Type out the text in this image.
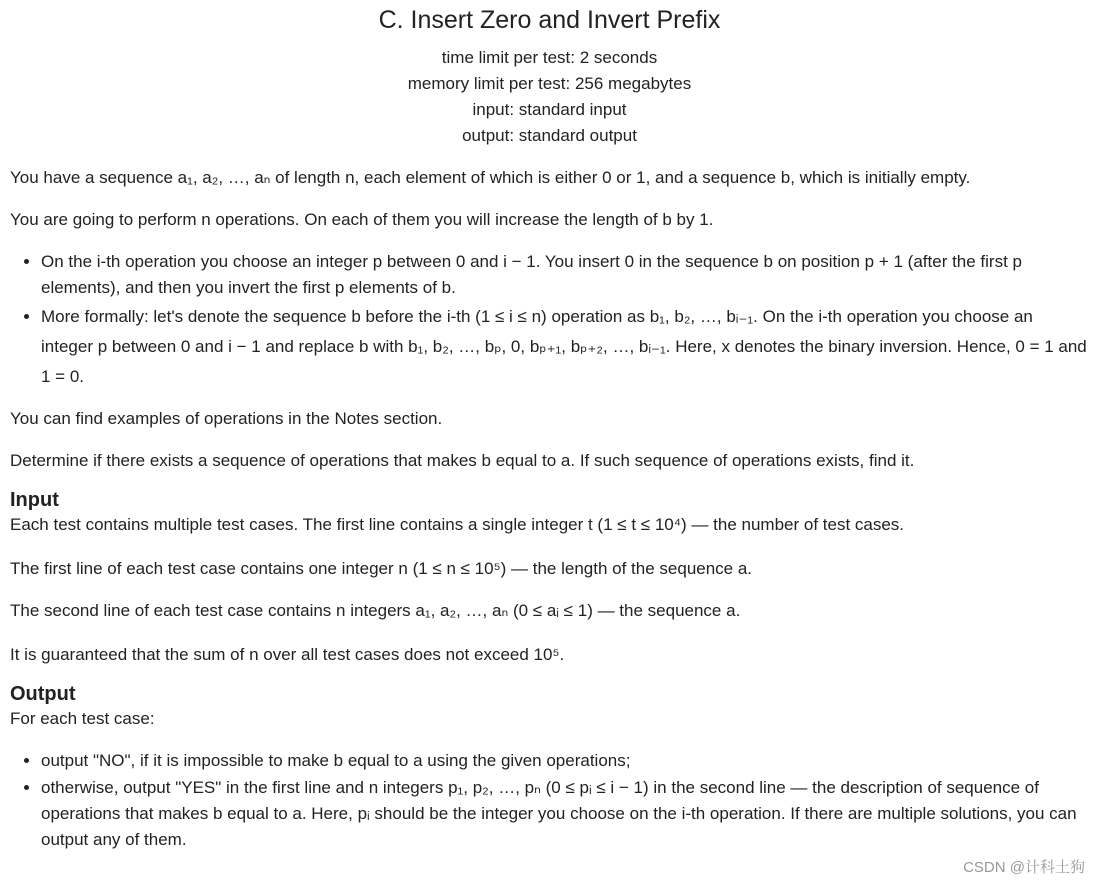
C. Insert Zero and Invert Prefix
time limit per test: 2 seconds
memory limit per test: 256 megabytes
input: standard input
output: standard output

You have a sequence a₁, a₂, …, aₙ of length n, each element of which is either 0 or 1, and a sequence b, which is initially empty.

You are going to perform n operations. On each of them you will increase the length of b by 1.

• On the i-th operation you choose an integer p between 0 and i − 1. You insert 0 in the sequence b on position p + 1 (after the first p elements), and then you invert the first p elements of b.
• More formally: let's denote the sequence b before the i-th (1 ≤ i ≤ n) operation as b₁, b₂, …, bᵢ₋₁. On the i-th operation you choose an integer p between 0 and i − 1 and replace b with b₁, b₂, …, bₚ, 0, bₚ₊₁, bₚ₊₂, …, bᵢ₋₁. Here, x denotes the binary inversion. Hence, 0 = 1 and 1 = 0.

You can find examples of operations in the Notes section.

Determine if there exists a sequence of operations that makes b equal to a. If such sequence of operations exists, find it.

Input

Each test contains multiple test cases. The first line contains a single integer t (1 ≤ t ≤ 10⁴) — the number of test cases.

The first line of each test case contains one integer n (1 ≤ n ≤ 10⁵) — the length of the sequence a.

The second line of each test case contains n integers a₁, a₂, …, aₙ (0 ≤ aᵢ ≤ 1) — the sequence a.

It is guaranteed that the sum of n over all test cases does not exceed 10⁵.

Output

For each test case:

• output "NO", if it is impossible to make b equal to a using the given operations;
• otherwise, output "YES" in the first line and n integers p₁, p₂, …, pₙ (0 ≤ pᵢ ≤ i − 1) in the second line — the description of sequence of operations that makes b equal to a. Here, pᵢ should be the integer you choose on the i-th operation. If there are multiple solutions, you can output any of them.
CSDN @计科土狗
